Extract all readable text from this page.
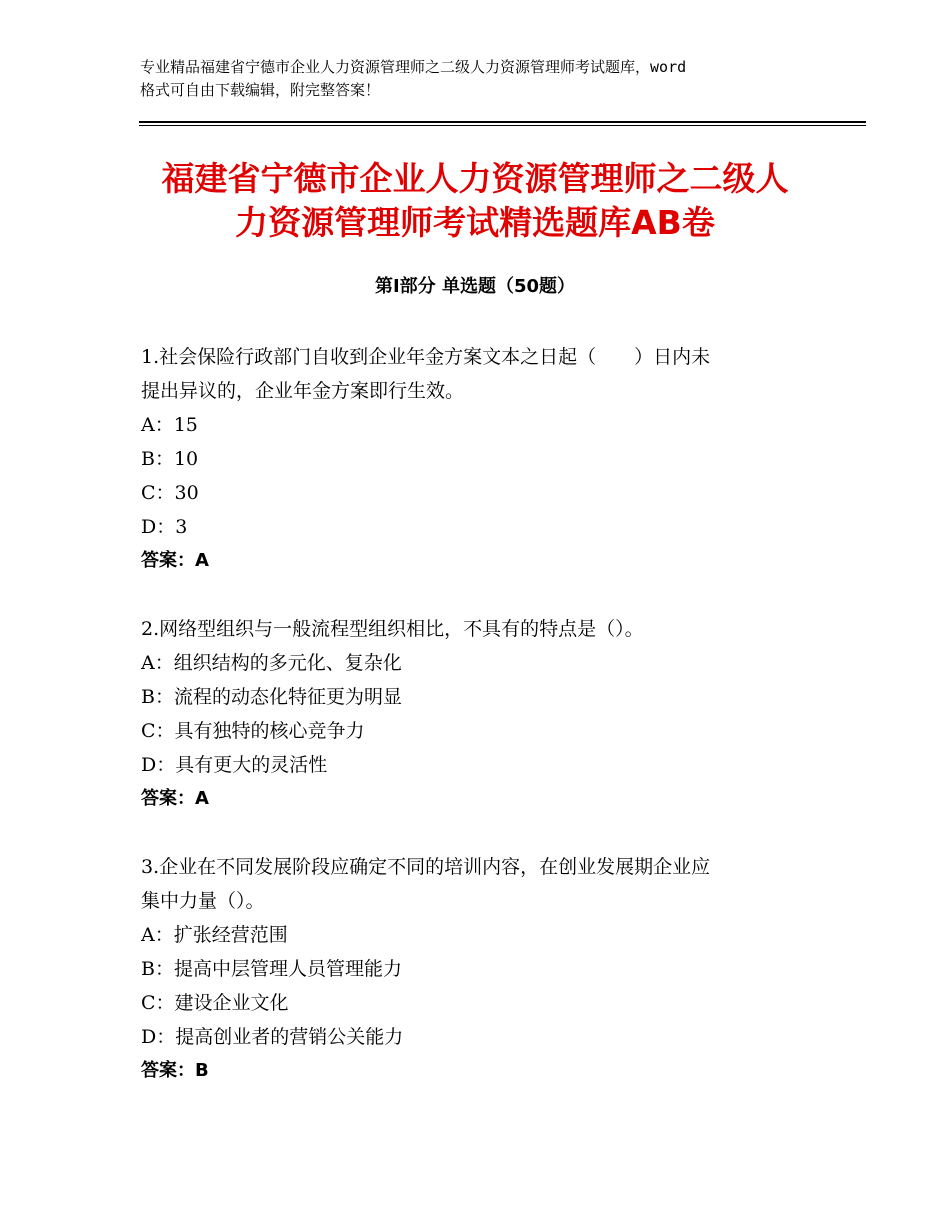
专业精品福建省宁德市企业人力资源管理师之二级人力资源管理师考试题库，word
格式可自由下载编辑，附完整答案！
福建省宁德市企业人力资源管理师之二级人
力资源管理师考试精选题库AB卷
第Ⅰ部分 单选题（50题）
1.社会保险行政部门自收到企业年金方案文本之日起（　　）日内未
提出异议的，企业年金方案即行生效。
A：15
B：10
C：30
D：3
答案：A
2.网络型组织与一般流程型组织相比，不具有的特点是（）。
A：组织结构的多元化、复杂化
B：流程的动态化特征更为明显
C：具有独特的核心竞争力
D：具有更大的灵活性
答案：A
3.企业在不同发展阶段应确定不同的培训内容，在创业发展期企业应
集中力量（）。
A：扩张经营范围
B：提高中层管理人员管理能力
C：建设企业文化
D：提高创业者的营销公关能力
答案：B
